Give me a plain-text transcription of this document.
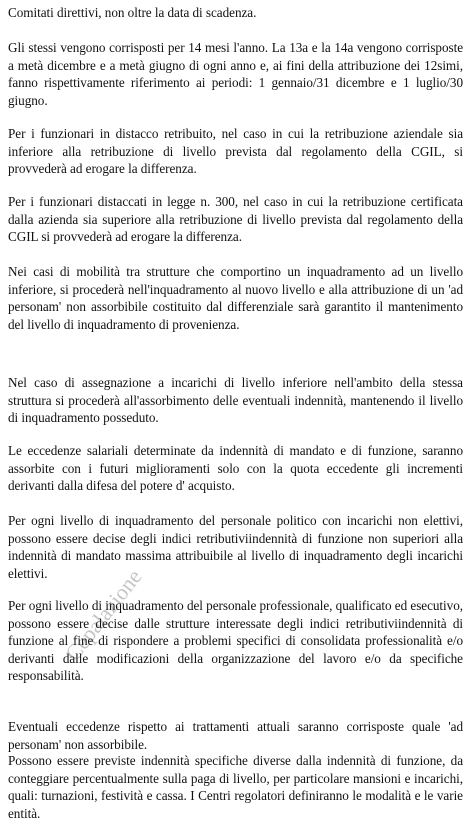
Comitati direttivi, non oltre la data di scadenza.

Gli stessi vengono corrisposti per 14 mesi l'anno. La 13a e la 14a vengono corrisposte a metà dicembre e a metà giugno di ogni anno e, ai fini della attribuzione dei 12simi, fanno rispettivamente riferimento ai periodi: 1 gennaio/31 dicembre e 1 luglio/30 giugno.

Per i funzionari in distacco retribuito, nel caso in cui la retribuzione aziendale sia inferiore alla retribuzione di livello prevista dal regolamento della CGIL, si provvederà ad erogare la differenza.

Per i funzionari distaccati in legge n. 300, nel caso in cui la retribuzione certificata dalla azienda sia superiore alla retribuzione di livello prevista dal regolamento della CGIL si provvederà ad erogare la differenza.

Nei casi di mobilità tra strutture che comportino un inquadramento ad un livello inferiore, si procederà nell'inquadramento al nuovo livello e alla attribuzione di un 'ad personam' non assorbibile costituito dal differenziale sarà garantito il mantenimento del livello di inquadramento di provenienza.

Nel caso di assegnazione a incarichi di livello inferiore nell'ambito della stessa struttura si procederà all'assorbimento delle eventuali indennità, mantenendo il livello di inquadramento posseduto.

Le eccedenze salariali determinate da indennità di mandato e di funzione, saranno assorbite con i futuri miglioramenti solo con la quota eccedente gli incrementi derivanti dalla difesa del potere d' acquisto.

Per ogni livello di inquadramento del personale politico con incarichi non elettivi, possono essere decise degli indici retributiviindennità di funzione non superiori alla indennità di mandato massima attribuibile al livello di inquadramento degli incarichi elettivi.

Per ogni livello di inquadramento del personale professionale, qualificato ed esecutivo, possono essere decise dalle strutture interessate degli indici retributiviindennità di funzione al fine di rispondere a problemi specifici di consolidata professionalità e/o derivanti dalle modificazioni della organizzazione del lavoro e/o da specifiche responsabilità.

Eventuali eccedenze rispetto ai trattamenti attuali saranno corrisposte quale 'ad personam' non assorbibile.

Possono essere previste indennità specifiche diverse dalla indennità di funzione, da conteggiare percentualmente sulla paga di livello, per particolare mansioni e incarichi, quali: turnazioni, festività e cassa. I Centri regolatori definiranno le modalità e le varie entità.

Cepalazione
